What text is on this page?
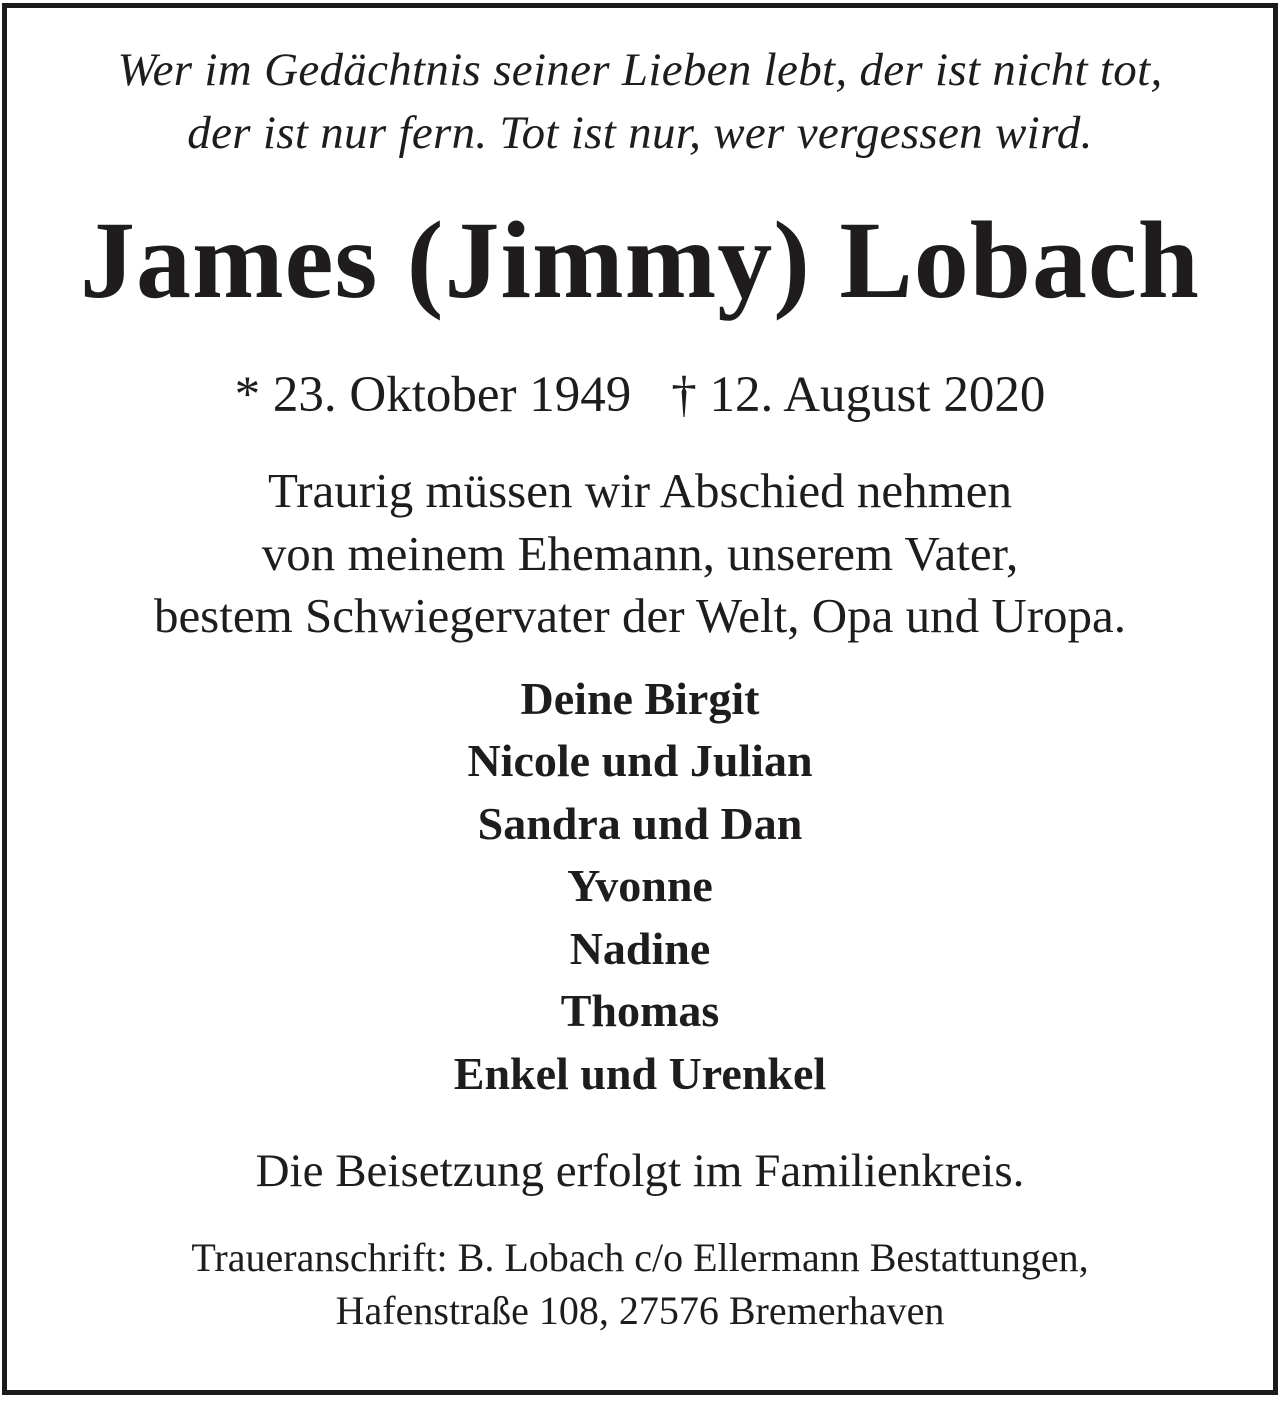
Wer im Gedächtnis seiner Lieben lebt, der ist nicht tot,
der ist nur fern. Tot ist nur, wer vergessen wird.
James (Jimmy) Lobach
* 23. Oktober 1949 † 12. August 2020
Traurig müssen wir Abschied nehmen
von meinem Ehemann, unserem Vater,
bestem Schwiegervater der Welt, Opa und Uropa.
Deine Birgit
Nicole und Julian
Sandra und Dan
Yvonne
Nadine
Thomas
Enkel und Urenkel
Die Beisetzung erfolgt im Familienkreis.
Traueranschrift: B. Lobach c/o Ellermann Bestattungen,
Hafenstraße 108, 27576 Bremerhaven
